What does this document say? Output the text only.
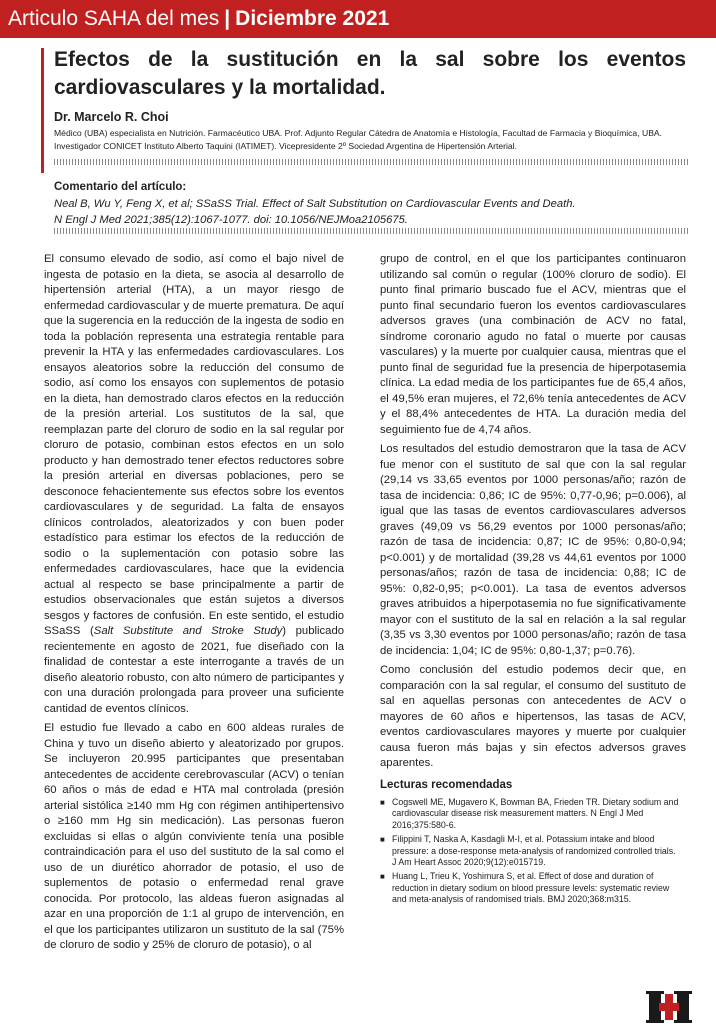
Articulo SAHA del mes | Diciembre 2021
Efectos de la sustitución en la sal sobre los eventos cardiovasculares y la mortalidad.
Dr. Marcelo R. Choi
Médico (UBA) especialista en Nutrición. Farmacéutico UBA. Prof. Adjunto Regular Cátedra de Anatomía e Histología, Facultad de Farmacia y Bioquímica, UBA. Investigador CONICET Instituto Alberto Taquini (IATIMET). Vicepresidente 2º Sociedad Argentina de Hipertensión Arterial.
Comentario del artículo:
Neal B, Wu Y, Feng X, et al; SSaSS Trial. Effect of Salt Substitution on Cardiovascular Events and Death.
N Engl J Med 2021;385(12):1067-1077. doi: 10.1056/NEJMoa2105675.

El consumo elevado de sodio, así como el bajo nivel de ingesta de potasio en la dieta, se asocia al desarrollo de hipertensión arterial (HTA), a un mayor riesgo de enfermedad cardiovascular y de muerte prematura. De aquí que la sugerencia en la reducción de la ingesta de sodio en toda la población representa una estrategia rentable para prevenir la HTA y las enfermedades cardiovasculares. Los ensayos aleatorios sobre la reducción del consumo de sodio, así como los ensayos con suplementos de potasio en la dieta, han demostrado claros efectos en la reducción de la presión arterial. Los sustitutos de la sal, que reemplazan parte del cloruro de sodio en la sal regular por cloruro de potasio, combinan estos efectos en un solo producto y han demostrado tener efectos reductores sobre la presión arterial en diversas poblaciones, pero se desconoce fehacientemente sus efectos sobre los eventos cardiovasculares y de seguridad. La falta de ensayos clínicos controlados, aleatorizados y con buen poder estadístico para estimar los efectos de la reducción de sodio o la suplementación con potasio sobre las enfermedades cardiovasculares, hace que la evidencia actual al respecto se base principalmente a partir de estudios observacionales que están sujetos a diversos sesgos y factores de confusión. En este sentido, el estudio SSaSS (Salt Substitute and Stroke Study) publicado recientemente en agosto de 2021, fue diseñado con la finalidad de contestar a este interrogante a través de un diseño aleatorio robusto, con alto número de participantes y con una duración prolongada para proveer una suficiente cantidad de eventos clínicos.

El estudio fue llevado a cabo en 600 aldeas rurales de China y tuvo un diseño abierto y aleatorizado por grupos. Se incluyeron 20.995 participantes que presentaban antecedentes de accidente cerebrovascular (ACV) o tenían 60 años o más de edad e HTA mal controlada (presión arterial sistólica ≥140 mm Hg con régimen antihipertensivo o ≥160 mm Hg sin medicación). Las personas fueron excluidas si ellas o algún conviviente tenía una posible contraindicación para el uso del sustituto de la sal como el uso de un diurético ahorrador de potasio, el uso de suplementos de potasio o enfermedad renal grave conocida. Por protocolo, las aldeas fueron asignadas al azar en una proporción de 1:1 al grupo de intervención, en el que los participantes utilizaron un sustituto de la sal (75% de cloruro de sodio y 25% de cloruro de potasio), o al

grupo de control, en el que los participantes continuaron utilizando sal común o regular (100% cloruro de sodio). El punto final primario buscado fue el ACV, mientras que el punto final secundario fueron los eventos cardiovasculares adversos graves (una combinación de ACV no fatal, síndrome coronario agudo no fatal o muerte por causas vasculares) y la muerte por cualquier causa, mientras que el punto final de seguridad fue la presencia de hiperpotasemia clínica. La edad media de los participantes fue de 65,4 años, el 49,5% eran mujeres, el 72,6% tenía antecedentes de ACV y el 88,4% antecedentes de HTA. La duración media del seguimiento fue de 4,74 años.

Los resultados del estudio demostraron que la tasa de ACV fue menor con el sustituto de sal que con la sal regular (29,14 vs 33,65 eventos por 1000 personas/año; razón de tasa de incidencia: 0,86; IC de 95%: 0,77-0,96; p=0.006), al igual que las tasas de eventos cardiovasculares adversos graves (49,09 vs 56,29 eventos por 1000 personas/año; razón de tasa de incidencia: 0,87; IC de 95%: 0,80-0,94; p<0.001) y de mortalidad (39,28 vs 44,61 eventos por 1000 personas/años; razón de tasa de incidencia: 0,88; IC de 95%: 0,82-0,95; p<0.001). La tasa de eventos adversos graves atribuidos a hiperpotasemia no fue significativamente mayor con el sustituto de la sal en relación a la sal regular (3,35 vs 3,30 eventos por 1000 personas/año; razón de tasa de incidencia: 1,04; IC de 95%: 0,80-1,37; p=0.76).

Como conclusión del estudio podemos decir que, en comparación con la sal regular, el consumo del sustituto de sal en aquellas personas con antecedentes de ACV o mayores de 60 años e hipertensos, las tasas de ACV, eventos cardiovasculares mayores y muerte por cualquier causa fueron más bajas y sin efectos adversos graves aparentes.

Lecturas recomendadas
■ Cogswell ME, Mugavero K, Bowman BA, Frieden TR. Dietary sodium and cardiovascular disease risk measurement matters. N Engl J Med 2016;375:580-6.
■ Filippini T, Naska A, Kasdagli M-I, et al. Potassium intake and blood pressure: a dose-response meta-analysis of randomized controlled trials. J Am Heart Assoc 2020;9(12):e015719.
■ Huang L, Trieu K, Yoshimura S, et al. Effect of dose and duration of reduction in dietary sodium on blood pressure levels: systematic review and meta-analysis of randomised trials. BMJ 2020;368:m315.
